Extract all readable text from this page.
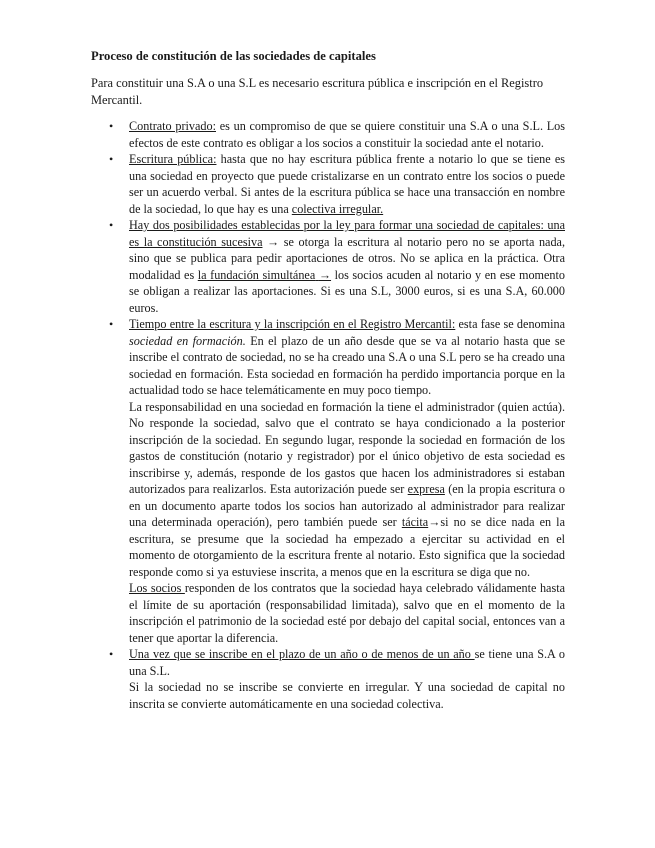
Proceso de constitución de las sociedades de capitales

Para constituir una S.A o una S.L es necesario escritura pública e inscripción en el Registro Mercantil.

• Contrato privado: es un compromiso de que se quiere constituir una S.A o una S.L. Los efectos de este contrato es obligar a los socios a constituir la sociedad ante el notario.
• Escritura pública: hasta que no hay escritura pública frente a notario lo que se tiene es una sociedad en proyecto que puede cristalizarse en un contrato entre los socios o puede ser un acuerdo verbal. Si antes de la escritura pública se hace una transacción en nombre de la sociedad, lo que hay es una colectiva irregular.
• Hay dos posibilidades establecidas por la ley para formar una sociedad de capitales: una es la constitución sucesiva → se otorga la escritura al notario pero no se aporta nada, sino que se publica para pedir aportaciones de otros. No se aplica en la práctica. Otra modalidad es la fundación simultánea → los socios acuden al notario y en ese momento se obligan a realizar las aportaciones. Si es una S.L, 3000 euros, si es una S.A, 60.000 euros.
• Tiempo entre la escritura y la inscripción en el Registro Mercantil: esta fase se denomina sociedad en formación. En el plazo de un año desde que se va al notario hasta que se inscribe el contrato de sociedad, no se ha creado una S.A o una S.L pero se ha creado una sociedad en formación. Esta sociedad en formación ha perdido importancia porque en la actualidad todo se hace telemáticamente en muy poco tiempo.
La responsabilidad en una sociedad en formación la tiene el administrador (quien actúa). No responde la sociedad, salvo que el contrato se haya condicionado a la posterior inscripción de la sociedad. En segundo lugar, responde la sociedad en formación de los gastos de constitución (notario y registrador) por el único objetivo de esta sociedad es inscribirse y, además, responde de los gastos que hacen los administradores si estaban autorizados para realizarlos. Esta autorización puede ser expresa (en la propia escritura o en un documento aparte todos los socios han autorizado al administrador para realizar una determinada operación), pero también puede ser tácita→si no se dice nada en la escritura, se presume que la sociedad ha empezado a ejercitar su actividad en el momento de otorgamiento de la escritura frente al notario. Esto significa que la sociedad responde como si ya estuviese inscrita, a menos que en la escritura se diga que no.
Los socios responden de los contratos que la sociedad haya celebrado válidamente hasta el límite de su aportación (responsabilidad limitada), salvo que en el momento de la inscripción el patrimonio de la sociedad esté por debajo del capital social, entonces van a tener que aportar la diferencia.
• Una vez que se inscribe en el plazo de un año o de menos de un año se tiene una S.A o una S.L.
Si la sociedad no se inscribe se convierte en irregular. Y una sociedad de capital no inscrita se convierte automáticamente en una sociedad colectiva.
